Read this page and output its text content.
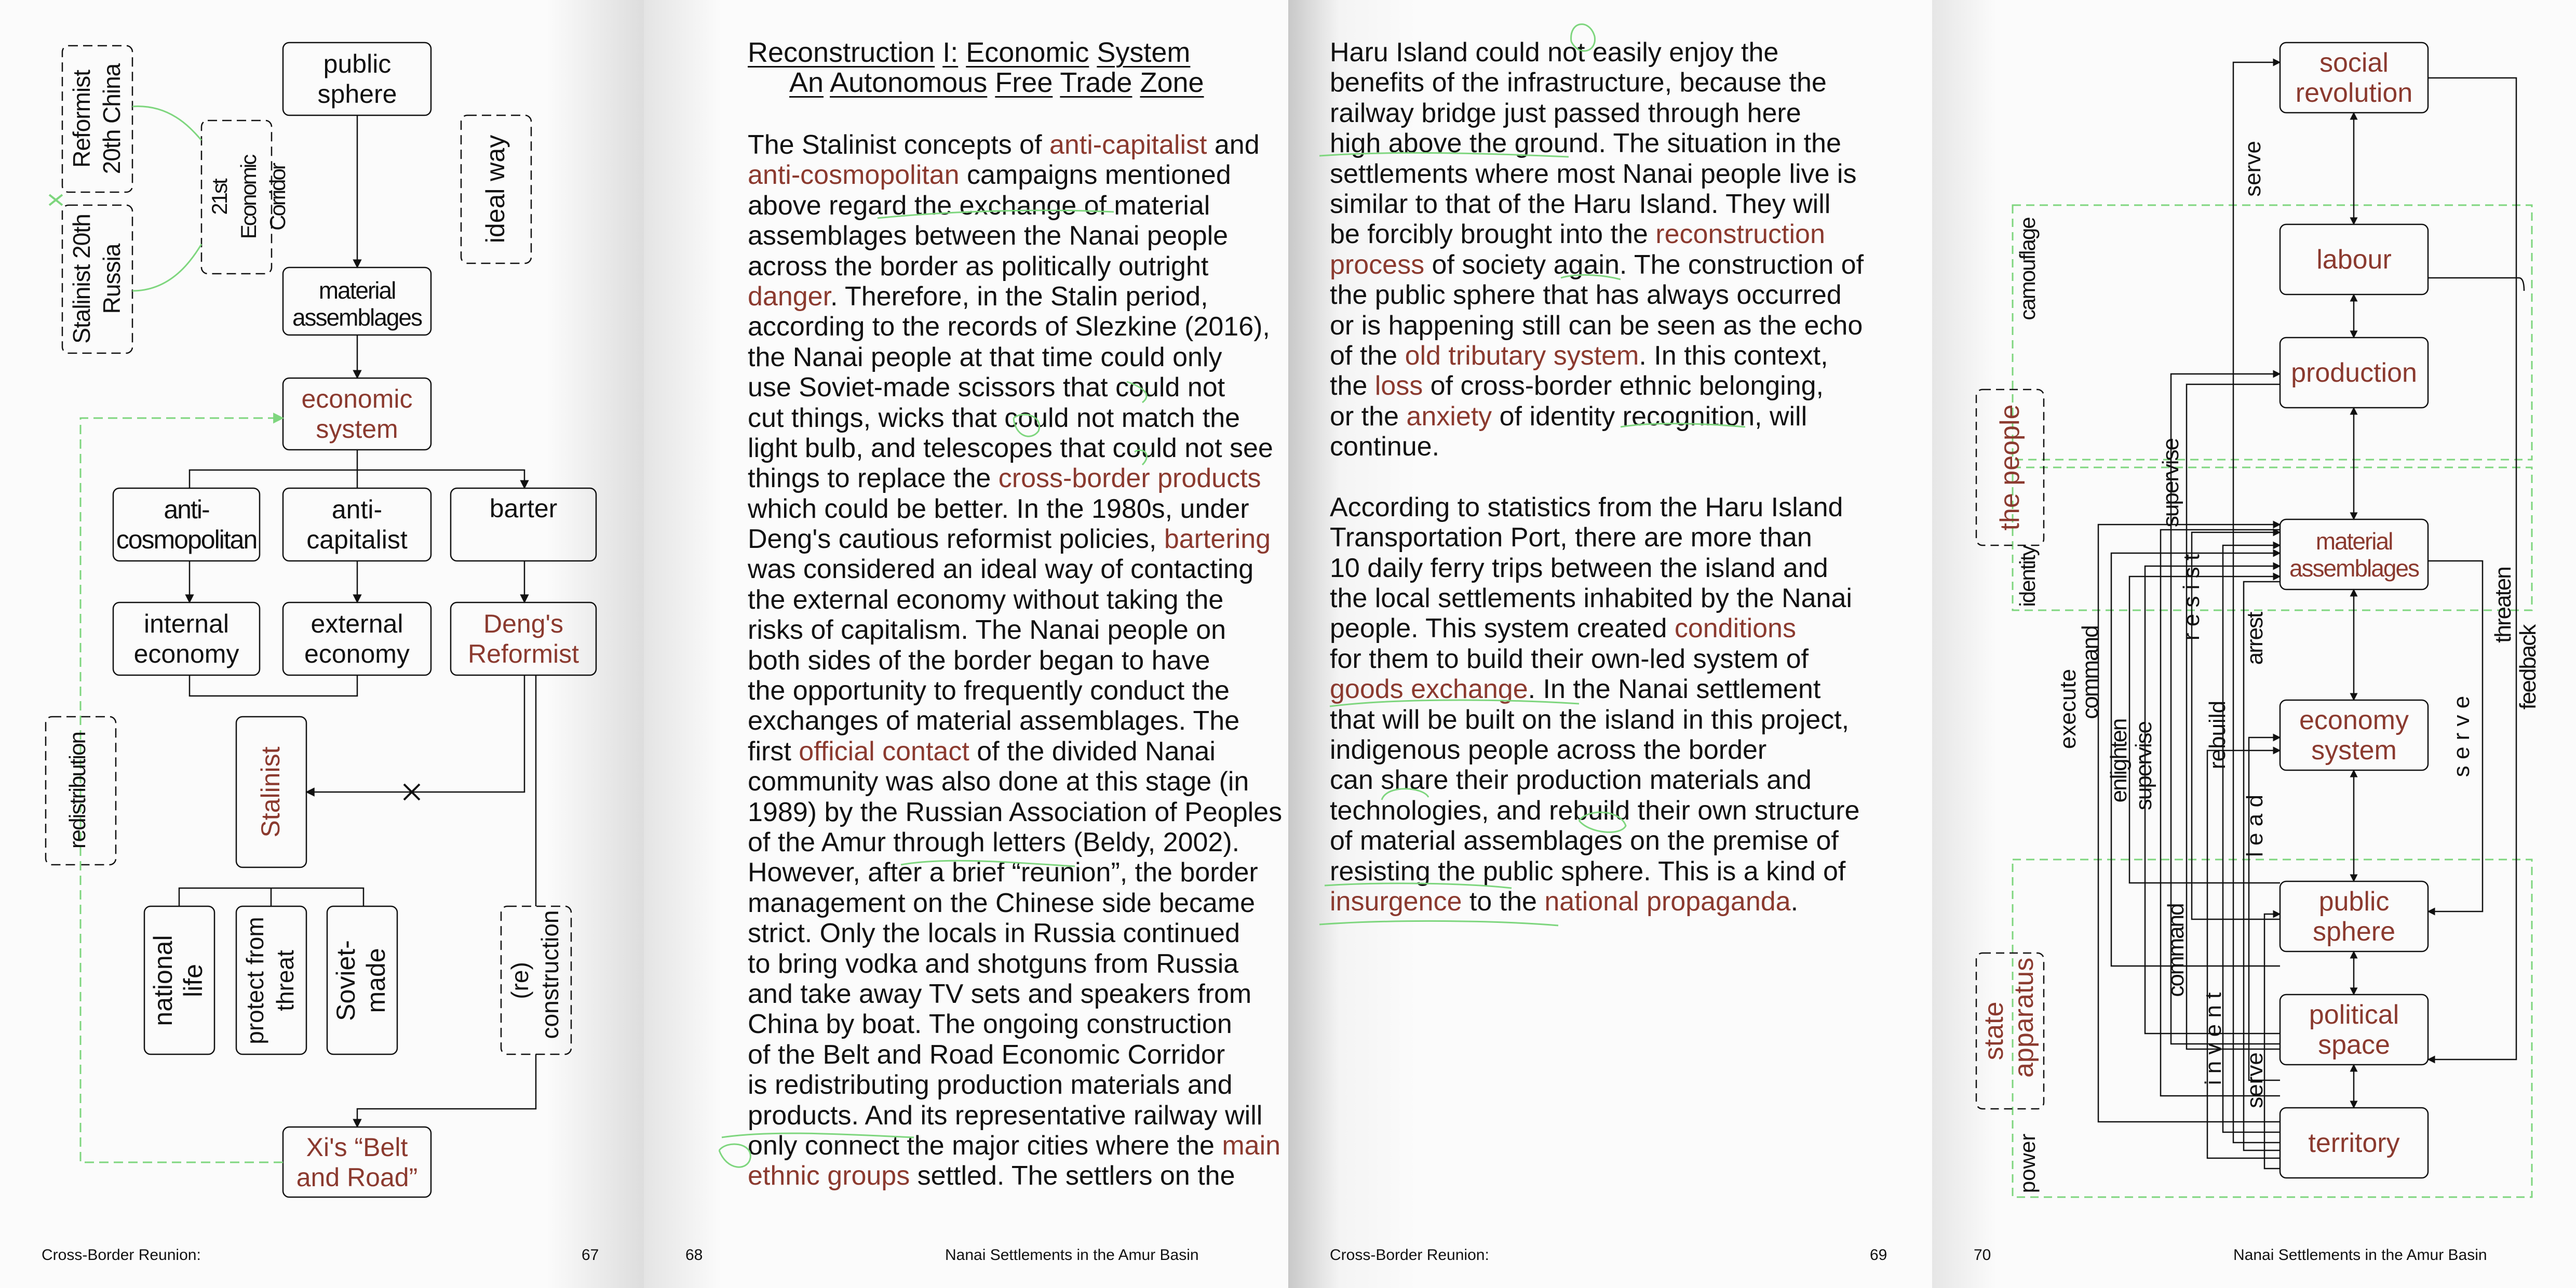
public sphere
material assemblages
economic system
anti- cosmopolitan
anti- capitalist
barter
internal economy
external economy
Deng's Reformist
Xi's “Belt and Road”
Stalinist
national life protect from threat Soviet- made	(re) construction
redistribution
ideal way
Reformist 20th China
Stalinist 20th Russia
21st Economic Corridor
Cross-Border Reunion:	67
Reconstruction I: Economic System
An Autonomous Free Trade Zone
The Stalinist concepts of anti-capitalist and
anti-cosmopolitan campaigns mentioned
above regard the exchange of material
assemblages between the Nanai people
across the border as politically outright
danger. Therefore, in the Stalin period,
according to the records of Slezkine (2016),
the Nanai people at that time could only
use Soviet-made scissors that could not
cut things, wicks that could not match the
light bulb, and telescopes that could not see
things to replace the cross-border products
which could be better. In the 1980s, under
Deng's cautious reformist policies, bartering
was considered an ideal way of contacting
the external economy without taking the
risks of capitalism. The Nanai people on
both sides of the border began to have
the opportunity to frequently conduct the
exchanges of material assemblages. The
first official contact of the divided Nanai
community was also done at this stage (in
1989) by the Russian Association of Peoples
of the Amur through letters (Beldy, 2002).
However, after a brief “reunion”, the border
management on the Chinese side became
strict. Only the locals in Russia continued
to bring vodka and shotguns from Russia
and take away TV sets and speakers from
China by boat. The ongoing construction
of the Belt and Road Economic Corridor
is redistributing production materials and
products. And its representative railway will
only connect the major cities where the main
ethnic groups settled. The settlers on the
68	Nanai Settlements in the Amur Basin
Haru Island could not easily enjoy the
benefits of the infrastructure, because the
railway bridge just passed through here
high above the ground. The situation in the
settlements where most Nanai people live is
similar to that of the Haru Island. They will
be forcibly brought into the reconstruction
process of society again. The construction of
the public sphere that has always occurred
or is happening still can be seen as the echo
of the old tributary system. In this context,
the loss of cross-border ethnic belonging,
or the anxiety of identity recognition, will
continue.
According to statistics from the Haru Island
Transportation Port, there are more than
10 daily ferry trips between the island and
the local settlements inhabited by the Nanai
people. This system created conditions
for them to build their own-led system of
goods exchange. In the Nanai settlement
that will be built on the island in this project,
indigenous people across the border
can share their production materials and
technologies, and rebuild their own structure
of material assemblages on the premise of
resisting the public sphere. This is a kind of
insurgence to the national propaganda.
Cross-Border Reunion:	69
social revolution
labour
production
material assemblages
economy system
public sphere
political space
territory
the people
state apparatus
camouflage
identity
power
serve
supervise
r e s i s t arrest
rebuild
l e a d
execute
command
enlighten supervise
command
i n v e n t serve
s e r v e
threaten
feedback
70	Nanai Settlements in the Amur Basin
